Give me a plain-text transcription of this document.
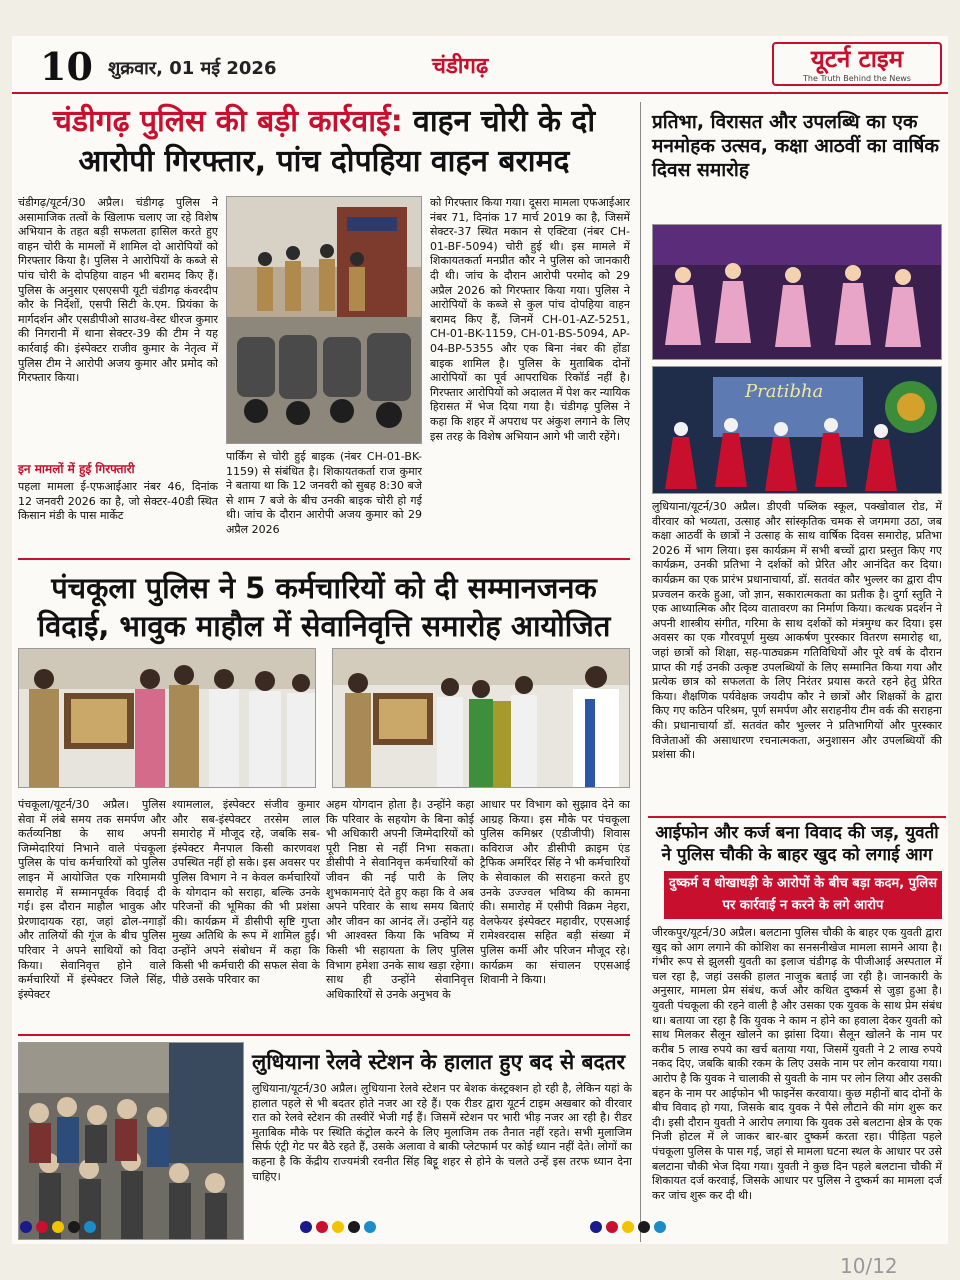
10 शुक्रवार, 01 मई 2026	चंडीगढ़	यूटर्न टाइम
The Truth Behind the News
चंडीगढ़ पुलिस की बड़ी कार्रवाई: वाहन चोरी के दो आरोपी गिरफ्तार, पांच दोपहिया वाहन बरामद
चंडीगढ़/यूटर्न/30 अप्रैल। चंडीगढ़ पुलिस ने असामाजिक तत्वों के खिलाफ चलाए जा रहे विशेष अभियान के तहत बड़ी सफलता हासिल करते हुए वाहन चोरी के मामलों में शामिल दो आरोपियों को गिरफ्तार किया है। पुलिस ने आरोपियों के कब्जे से पांच चोरी के दोपहिया वाहन भी बरामद किए हैं। पुलिस के अनुसार एसएसपी यूटी चंडीगढ़ कंवरदीप कौर के निर्देशों, एसपी सिटी के.एम. प्रियंका के मार्गदर्शन और एसडीपीओ साउथ-वेस्ट धीरज कुमार की निगरानी में थाना सेक्टर-39 की टीम ने यह कार्रवाई की। इंस्पेक्टर राजीव कुमार के नेतृत्व में पुलिस टीम ने आरोपी अजय कुमार और प्रमोद को गिरफ्तार किया।
इन मामलों में हुई गिरफ्तारी
पहला मामला ई-एफआईआर नंबर 46, दिनांक 12 जनवरी 2026 का है, जो सेक्टर-40डी स्थित किसान मंडी के पास मार्केट
पार्किंग से चोरी हुई बाइक (नंबर CH-01-BK-1159) से संबंधित है। शिकायतकर्ता राज कुमार ने बताया था कि 12 जनवरी को सुबह 8:30 बजे से शाम 7 बजे के बीच उनकी बाइक चोरी हो गई थी। जांच के दौरान आरोपी अजय कुमार को 29 अप्रैल 2026
को गिरफ्तार किया गया। दूसरा मामला एफआईआर नंबर 71, दिनांक 17 मार्च 2019 का है, जिसमें सेक्टर-37 स्थित मकान से एक्टिवा (नंबर CH-01-BF-5094) चोरी हुई थी। इस मामले में शिकायतकर्ता मनप्रीत कौर ने पुलिस को जानकारी दी थी। जांच के दौरान आरोपी परमोद को 29 अप्रैल 2026 को गिरफ्तार किया गया। पुलिस ने आरोपियों के कब्जे से कुल पांच दोपहिया वाहन बरामद किए हैं, जिनमें CH-01-AZ-5251, CH-01-BK-1159, CH-01-BS-5094, AP-04-BP-5355 और एक बिना नंबर की होंडा बाइक शामिल है। पुलिस के मुताबिक दोनों आरोपियों का पूर्व आपराधिक रिकॉर्ड नहीं है। गिरफ्तार आरोपियों को अदालत में पेश कर न्यायिक हिरासत में भेज दिया गया है। चंडीगढ़ पुलिस ने कहा कि शहर में अपराध पर अंकुश लगाने के लिए इस तरह के विशेष अभियान आगे भी जारी रहेंगे।
पंचकूला पुलिस ने 5 कर्मचारियों को दी सम्मानजनक विदाई, भावुक माहौल में सेवानिवृत्ति समारोह आयोजित
पंचकूला/यूटर्न/30 अप्रैल। पुलिस सेवा में लंबे समय तक समर्पण और कर्तव्यनिष्ठा के साथ अपनी जिम्मेदारियां निभाने वाले पंचकूला पुलिस के पांच कर्मचारियों को पुलिस लाइन में आयोजित एक गरिमामयी समारोह में सम्मानपूर्वक विदाई दी गई। इस दौरान माहौल भावुक और प्रेरणादायक रहा, जहां ढोल-नगाड़ों और तालियों की गूंज के बीच पुलिस परिवार ने अपने साथियों को विदा किया। सेवानिवृत्त होने वाले कर्मचारियों में इंस्पेक्टर जिले सिंह, इंस्पेक्टर
श्यामलाल, इंस्पेक्टर संजीव कुमार और सब-इंस्पेक्टर तरसेम लाल समारोह में मौजूद रहे, जबकि सब-इंस्पेक्टर मैनपाल किसी कारणवश उपस्थित नहीं हो सके। इस अवसर पर पुलिस विभाग ने न केवल कर्मचारियों के योगदान को सराहा, बल्कि उनके परिजनों की भूमिका की भी प्रशंसा की। कार्यक्रम में डीसीपी सृष्टि गुप्ता मुख्य अतिथि के रूप में शामिल हुईं। उन्होंने अपने संबोधन में कहा कि किसी भी कर्मचारी की सफल सेवा के पीछे उसके परिवार का
अहम योगदान होता है। उन्होंने कहा कि परिवार के सहयोग के बिना कोई भी अधिकारी अपनी जिम्मेदारियों को पूरी निष्ठा से नहीं निभा सकता। डीसीपी ने सेवानिवृत्त कर्मचारियों को जीवन की नई पारी के लिए शुभकामनाएं देते हुए कहा कि वे अब अपने परिवार के साथ समय बिताएं और जीवन का आनंद लें। उन्होंने यह भी आश्वस्त किया कि भविष्य में किसी भी सहायता के लिए पुलिस विभाग हमेशा उनके साथ खड़ा रहेगा। साथ ही उन्होंने सेवानिवृत्त अधिकारियों से उनके अनुभव के
आधार पर विभाग को सुझाव देने का आग्रह किया। इस मौके पर पंचकूला पुलिस कमिश्नर (एडीजीपी) शिवास कविराज और डीसीपी क्राइम एंड ट्रैफिक अमरिंदर सिंह ने भी कर्मचारियों के सेवाकाल की सराहना करते हुए उनके उज्ज्वल भविष्य की कामना की। समारोह में एसीपी विक्रम नेहरा, वेलफेयर इंस्पेक्टर महावीर, एएसआई रामेश्वरदास सहित बड़ी संख्या में पुलिस कर्मी और परिजन मौजूद रहे। कार्यक्रम का संचालन एएसआई शिवानी ने किया।
लुधियाना रेलवे स्टेशन के हालात हुए बद से बदतर
लुधियाना/यूटर्न/30 अप्रैल। लुधियाना रेलवे स्टेशन पर बेशक कंस्ट्रक्शन हो रही है, लेकिन यहां के हालात पहले से भी बदतर होते नजर आ रहे हैं। एक रीडर द्वारा यूटर्न टाइम अखबार को वीरवार रात को रेलवे स्टेशन की तस्वीरें भेजी गईं हैं। जिसमें स्टेशन पर भारी भीड़ नजर आ रही है। रीडर मुताबिक मौके पर स्थिति कंट्रोल करने के लिए मुलाजिम तक तैनात नहीं रहते। सभी मुलाजिम सिर्फ एंट्री गेट पर बैठे रहते हैं, उसके अलावा वे बाकी प्लेटफार्म पर कोई ध्यान नहीं देते। लोगों का कहना है कि केंद्रीय राज्यमंत्री रवनीत सिंह बिट्टू शहर से होने के चलते उन्हें इस तरफ ध्यान देना चाहिए।
प्रतिभा, विरासत और उपलब्धि का एक मनमोहक उत्सव, कक्षा आठवीं का वार्षिक दिवस समारोह
Pratibha
लुधियाना/यूटर्न/30 अप्रैल। डीएवी पब्लिक स्कूल, पक्खोवाल रोड, में वीरवार को भव्यता, उत्साह और सांस्कृतिक चमक से जगमगा उठा, जब कक्षा आठवीं के छात्रों ने उत्साह के साथ वार्षिक दिवस समारोह, प्रतिभा 2026 में भाग लिया। इस कार्यक्रम में सभी बच्चों द्वारा प्रस्तुत किए गए कार्यक्रम, उनकी प्रतिभा ने दर्शकों को प्रेरित और आनंदित कर दिया। कार्यक्रम का एक प्रारंभ प्रधानाचार्या, डॉ. सतवंत कौर भुल्लर का द्वारा दीप प्रज्वलन करके हुआ, जो ज्ञान, सकारात्मकता का प्रतीक है। दुर्गा स्तुति ने एक आध्यात्मिक और दिव्य वातावरण का निर्माण किया। कत्थक प्रदर्शन ने अपनी शास्त्रीय संगीत, गरिमा के साथ दर्शकों को मंत्रमुग्ध कर दिया। इस अवसर का एक गौरवपूर्ण मुख्य आकर्षण पुरस्कार वितरण समारोह था, जहां छात्रों को शिक्षा, सह-पाठ्यक्रम गतिविधियों और पूरे वर्ष के दौरान प्राप्त की गई उनकी उत्कृष्ट उपलब्धियों के लिए सम्मानित किया गया और प्रत्येक छात्र को सफलता के लिए निरंतर प्रयास करते रहने हेतु प्रेरित किया। शैक्षणिक पर्यवेक्षक जयदीप कौर ने छात्रों और शिक्षकों के द्वारा किए गए कठिन परिश्रम, पूर्ण समर्पण और सराहनीय टीम वर्क की सराहना की। प्रधानाचार्या डॉ. सतवंत कौर भुल्लर ने प्रतिभागियों और पुरस्कार विजेताओं की असाधारण रचनात्मकता, अनुशासन और उपलब्धियों की प्रशंसा की।
आईफोन और कर्ज बना विवाद की जड़, युवती ने पुलिस चौकी के बाहर खुद को लगाई आग
दुष्कर्म व धोखाधड़ी के आरोपों के बीच बड़ा कदम, पुलिस पर कार्रवाई न करने के लगे आरोप
जीरकपुर/यूटर्न/30 अप्रैल। बलटाना पुलिस चौकी के बाहर एक युवती द्वारा खुद को आग लगाने की कोशिश का सनसनीखेज मामला सामने आया है। गंभीर रूप से झुलसी युवती का इलाज चंडीगढ़ के पीजीआई अस्पताल में चल रहा है, जहां उसकी हालत नाजुक बताई जा रही है। जानकारी के अनुसार, मामला प्रेम संबंध, कर्ज और कथित दुष्कर्म से जुड़ा हुआ है। युवती पंचकूला की रहने वाली है और उसका एक युवक के साथ प्रेम संबंध था। बताया जा रहा है कि युवक ने काम न होने का हवाला देकर युवती को साथ मिलकर सैलून खोलने का झांसा दिया। सैलून खोलने के नाम पर करीब 5 लाख रुपये का खर्च बताया गया, जिसमें युवती ने 2 लाख रुपये नकद दिए, जबकि बाकी रकम के लिए उसके नाम पर लोन करवाया गया। आरोप है कि युवक ने चालाकी से युवती के नाम पर लोन लिया और उसकी बहन के नाम पर आईफोन भी फाइनेंस करवाया। कुछ महीनों बाद दोनों के बीच विवाद हो गया, जिसके बाद युवक ने पैसे लौटाने की मांग शुरू कर दी। इसी दौरान युवती ने आरोप लगाया कि युवक उसे बलटाना क्षेत्र के एक निजी होटल में ले जाकर बार-बार दुष्कर्म करता रहा। पीड़िता पहले पंचकूला पुलिस के पास गई, जहां से मामला घटना स्थल के आधार पर उसे बलटाना चौकी भेज दिया गया। युवती ने कुछ दिन पहले बलटाना चौकी में शिकायत दर्ज करवाई, जिसके आधार पर पुलिस ने दुष्कर्म का मामला दर्ज कर जांच शुरू कर दी थी।
10/12
